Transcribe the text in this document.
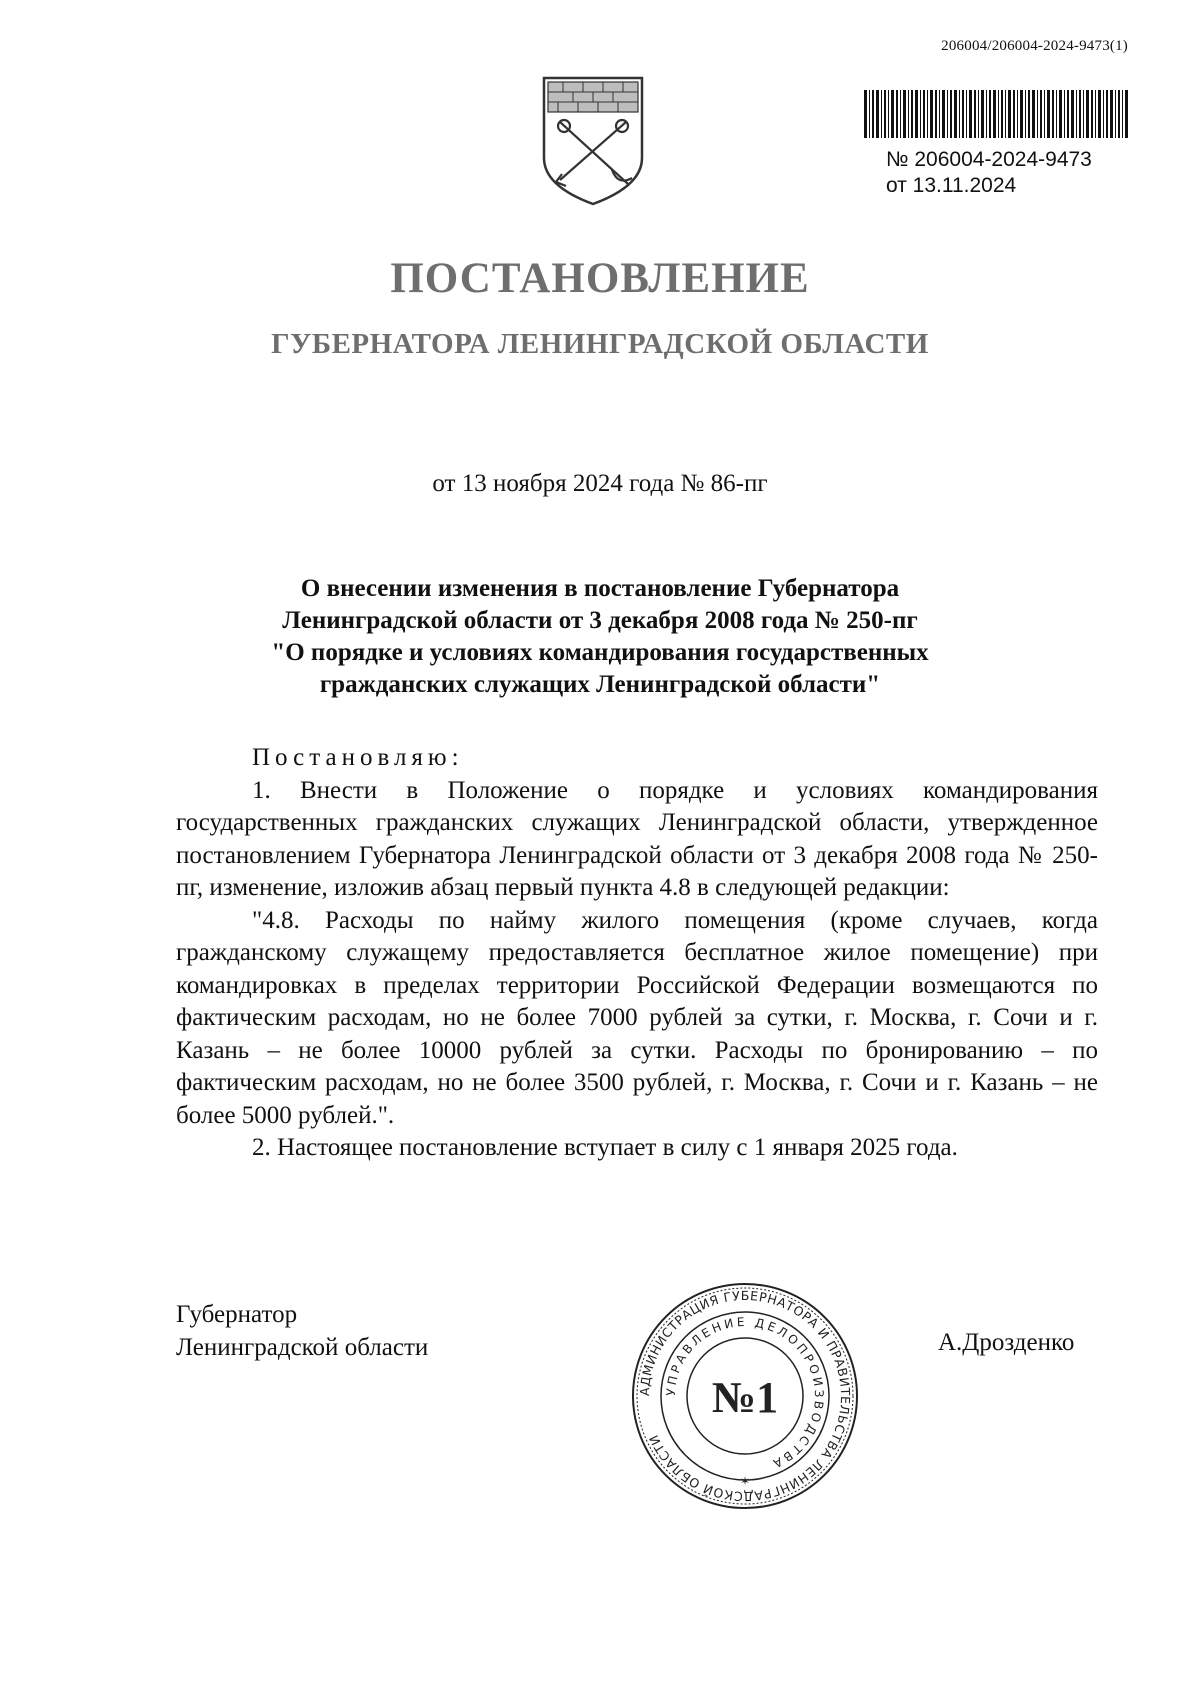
206004/206004-2024-9473(1)
№ 206004-2024-9473
от 13.11.2024
ПОСТАНОВЛЕНИЕ
ГУБЕРНАТОРА ЛЕНИНГРАДСКОЙ ОБЛАСТИ
от 13 ноября 2024 года № 86-пг
О внесении изменения в постановление Губернатора
Ленинградской области от 3 декабря 2008 года № 250-пг
"О порядке и условиях командирования государственных
гражданских служащих Ленинградской области"

Постановляю:

1. Внести в Положение о порядке и условиях командирования государственных гражданских служащих Ленинградской области, утвержденное постановлением Губернатора Ленинградской области от 3 декабря 2008 года № 250-пг, изменение, изложив абзац первый пункта 4.8 в следующей редакции:

"4.8. Расходы по найму жилого помещения (кроме случаев, когда гражданскому служащему предоставляется бесплатное жилое помещение) при командировках в пределах территории Российской Федерации возмещаются по фактическим расходам, но не более 7000 рублей за сутки, г. Москва, г. Сочи и г. Казань – не более 10000 рублей за сутки. Расходы по бронированию – по фактическим расходам, но не более 3500 рублей, г. Москва, г. Сочи и г. Казань – не более 5000 рублей.".

2. Настоящее постановление вступает в силу с 1 января 2025 года.

Губернатор
Ленинградской области	А.Дрозденко
АДМИНИСТРАЦИЯ ГУБЕРНАТОРА И ПРАВИТЕЛЬСТВА ЛЕНИНГРАДСКОЙ ОБЛАСТИ
УПРАВЛЕНИЕ ДЕЛОПРОИЗВОДСТВА
№1
✶
